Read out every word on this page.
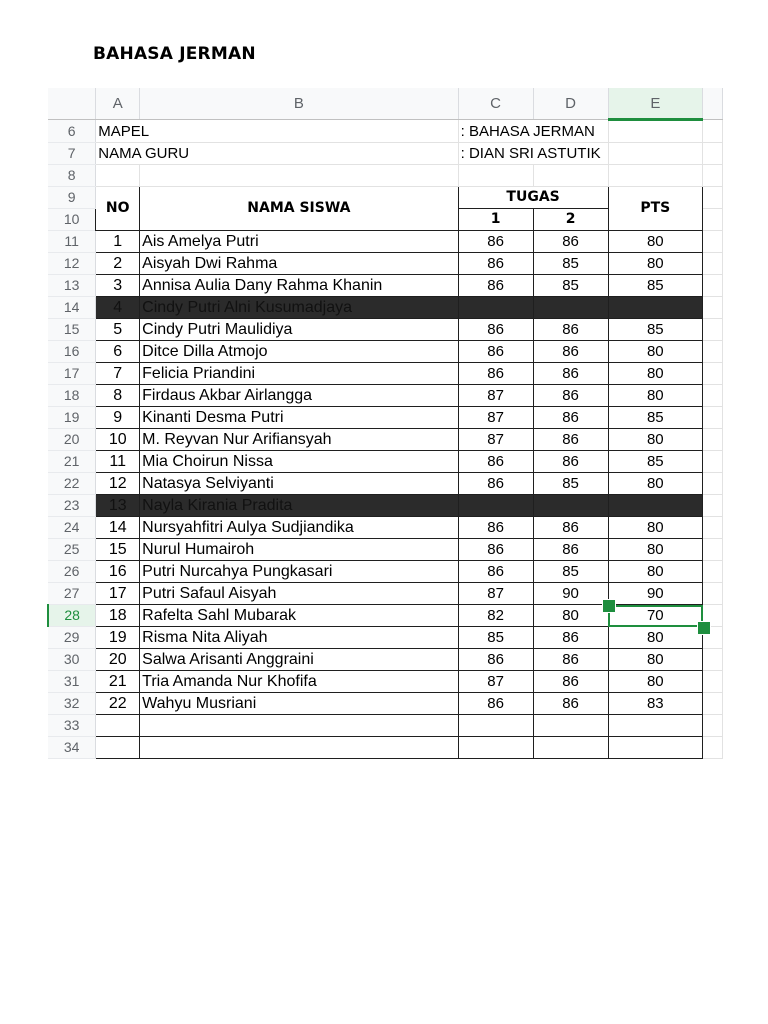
BAHASA JERMAN
	A	B	C	D	E	
6	MAPEL		: BAHASA JERMAN			
7	NAMA GURU		: DIAN SRI ASTUTIK			
8						
9	NO	NAMA SISWA	TUGAS		PTS	
10			1	2		
11	1	Ais Amelya Putri	86	86	80	
12	2	Aisyah Dwi Rahma	86	85	80	
13	3	Annisa Aulia Dany Rahma Khanin	86	85	85	
14	4	Cindy Putri Alni Kusumadjaya				
15	5	Cindy Putri Maulidiya	86	86	85	
16	6	Ditce Dilla Atmojo	86	86	80	
17	7	Felicia Priandini	86	86	80	
18	8	Firdaus Akbar Airlangga	87	86	80	
19	9	Kinanti Desma Putri	87	86	85	
20	10	M. Reyvan Nur Arifiansyah	87	86	80	
21	11	Mia Choirun Nissa	86	86	85	
22	12	Natasya Selviyanti	86	85	80	
23	13	Nayla Kirania Pradita				
24	14	Nursyahfitri Aulya Sudjiandika	86	86	80	
25	15	Nurul Humairoh	86	86	80	
26	16	Putri Nurcahya Pungkasari	86	85	80	
27	17	Putri Safaul Aisyah	87	90	90	
28	18	Rafelta Sahl Mubarak	82	80	70	
29	19	Risma Nita Aliyah	85	86	80	
30	20	Salwa Arisanti Anggraini	86	86	80	
31	21	Tria Amanda Nur Khofifa	87	86	80	
32	22	Wahyu Musriani	86	86	83	
33						
34						
